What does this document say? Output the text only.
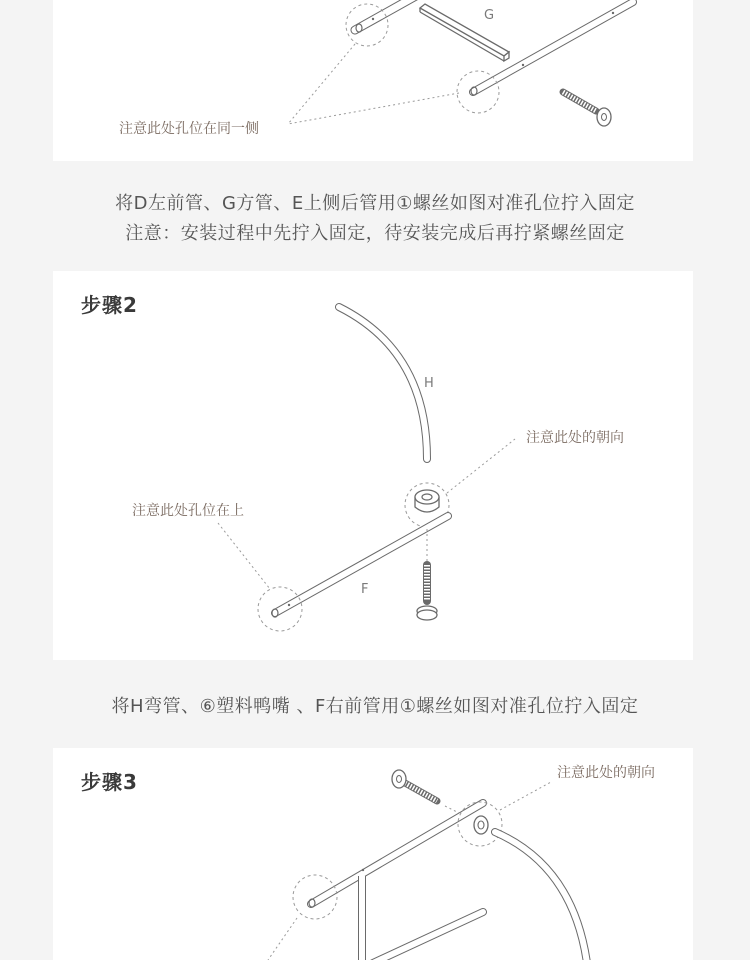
G
注意此处孔位在同一侧
将D左前管、G方管、E上侧后管用①螺丝如图对准孔位拧入固定
注意：安装过程中先拧入固定，待安装完成后再拧紧螺丝固定
步骤2
H
F
注意此处的朝向
注意此处孔位在上
将H弯管、⑥塑料鸭嘴 、F右前管用①螺丝如图对准孔位拧入固定
步骤3	注意此处的朝向
